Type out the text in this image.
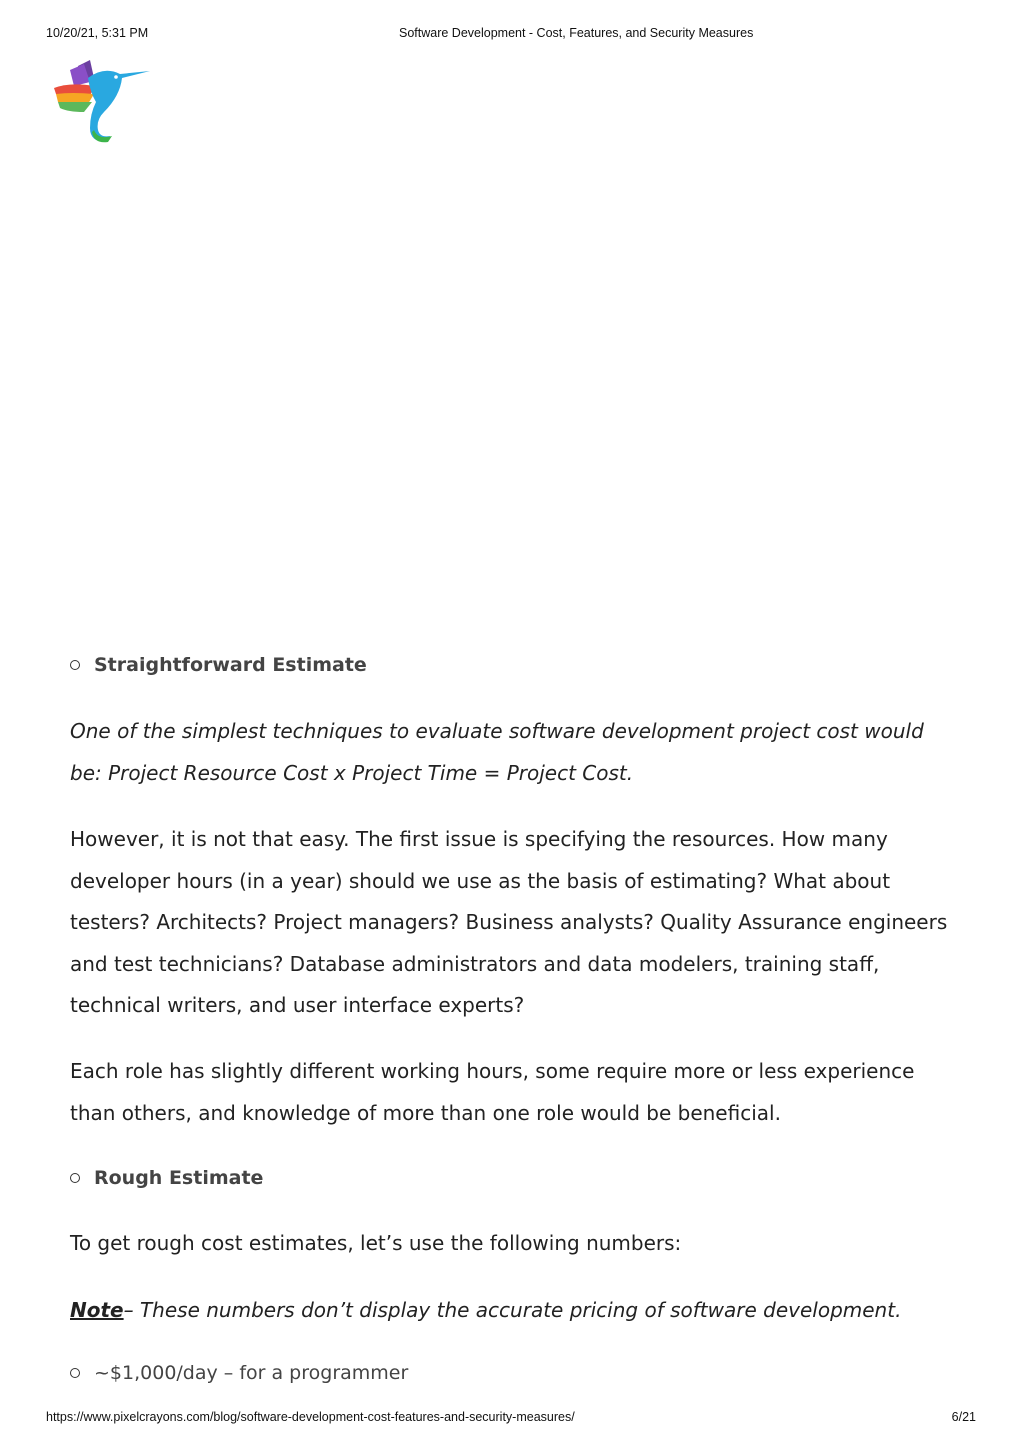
10/20/21, 5:31 PM	Software Development - Cost, Features, and Security Measures
Straightforward Estimate

One of the simplest techniques to evaluate software development project cost would be: Project Resource Cost x Project Time = Project Cost.

However, it is not that easy. The first issue is specifying the resources. How many developer hours (in a year) should we use as the basis of estimating? What about testers? Architects? Project managers? Business analysts? Quality Assurance engineers and test technicians? Database administrators and data modelers, training staff, technical writers, and user interface experts?

Each role has slightly different working hours, some require more or less experience than others, and knowledge of more than one role would be beneficial.

Rough Estimate

To get rough cost estimates, let’s use the following numbers:

Note– These numbers don’t display the accurate pricing of software development.

~$1,000/day – for a programmer
https://www.pixelcrayons.com/blog/software-development-cost-features-and-security-measures/	6/21
